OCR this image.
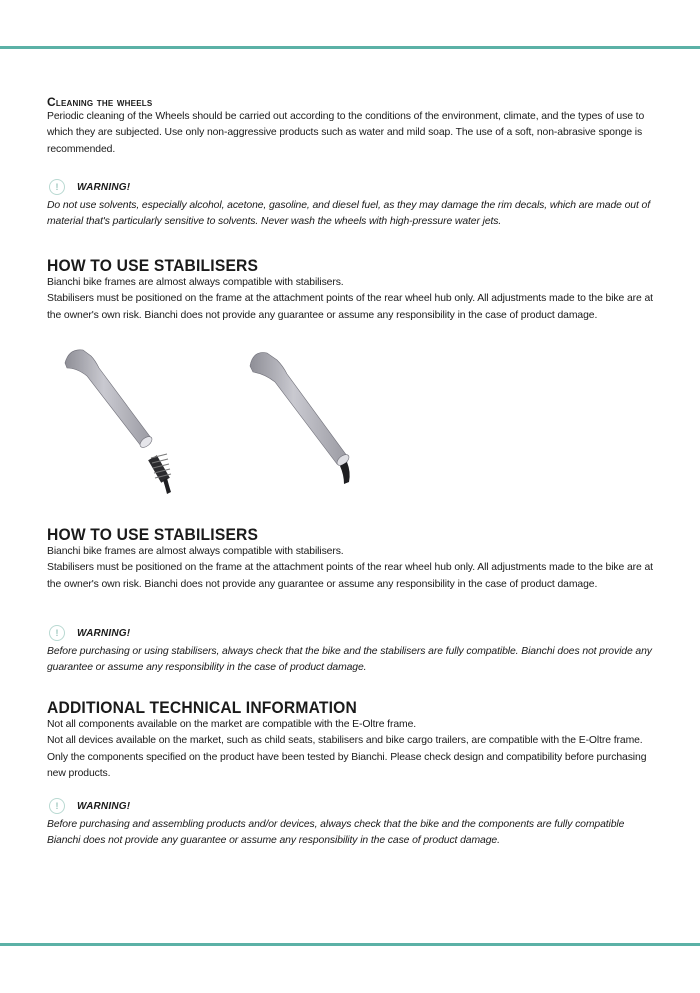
Cleaning the wheels

Periodic cleaning of the Wheels should be carried out according to the conditions of the environment, climate, and the types of use to which they are subjected. Use only non-aggressive products such as water and mild soap. The use of a soft, non-abrasive sponge is recommended.

!	WARNING!

Do not use solvents, especially alcohol, acetone, gasoline, and diesel fuel, as they may damage the rim decals, which are made out of material that's particularly sensitive to solvents. Never wash the wheels with high-pressure water jets.

HOW TO USE STABILISERS

Bianchi bike frames are almost always compatible with stabilisers.

Stabilisers must be positioned on the frame at the attachment points of the rear wheel hub only. All adjustments made to the bike are at the owner's own risk. Bianchi does not provide any guarantee or assume any responsibility in the case of product damage.

HOW TO USE STABILISERS

Bianchi bike frames are almost always compatible with stabilisers.

Stabilisers must be positioned on the frame at the attachment points of the rear wheel hub only. All adjustments made to the bike are at the owner's own risk. Bianchi does not provide any guarantee or assume any responsibility in the case of product damage.

!	WARNING!

Before purchasing or using stabilisers, always check that the bike and the stabilisers are fully compatible. Bianchi does not provide any guarantee or assume any responsibility in the case of product damage.

ADDITIONAL TECHNICAL INFORMATION

Not all components available on the market are compatible with the E-Oltre frame.

Not all devices available on the market, such as child seats, stabilisers and bike cargo trailers, are compatible with the E-Oltre frame. Only the components specified on the product have been tested by Bianchi. Please check design and compatibility before purchasing new products.

!	WARNING!

Before purchasing and assembling products and/or devices, always check that the bike and the components are fully compatible Bianchi does not provide any guarantee or assume any responsibility in the case of product damage.
